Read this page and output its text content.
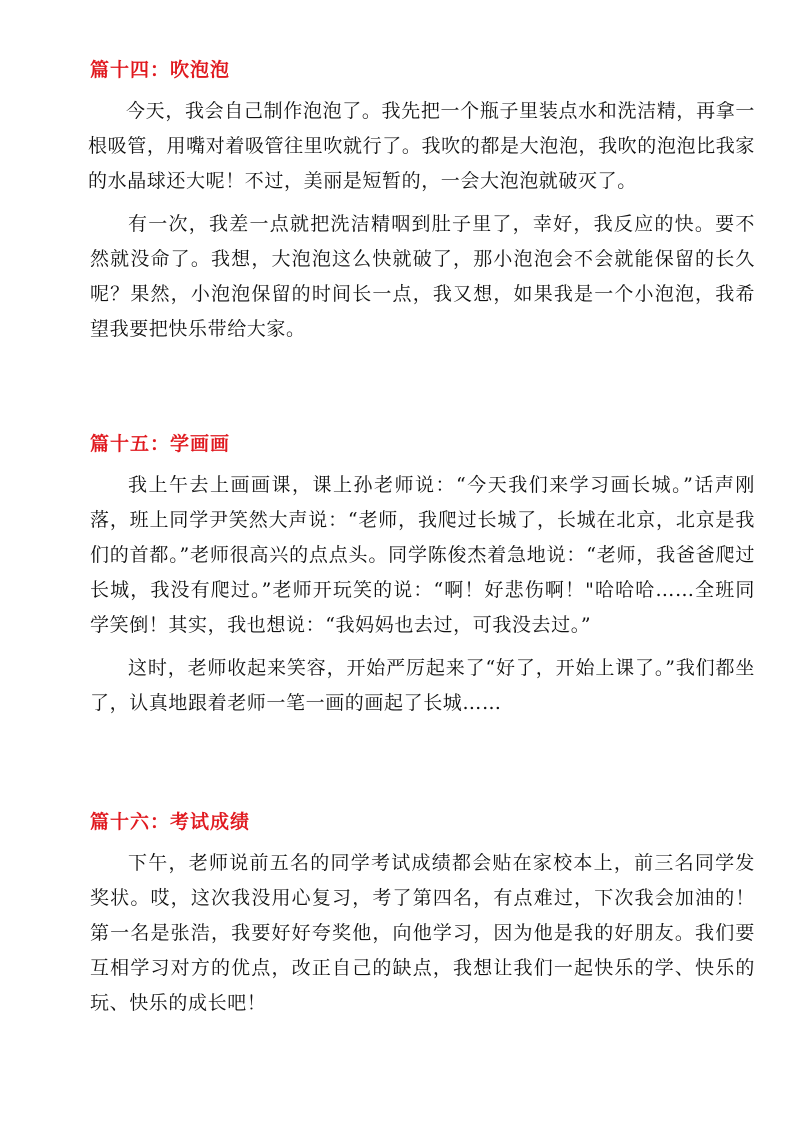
篇十四：吹泡泡

今天，我会自己制作泡泡了。我先把一个瓶子里装点水和洗洁精，再拿一根吸管，用嘴对着吸管往里吹就行了。我吹的都是大泡泡，我吹的泡泡比我家的水晶球还大呢！不过，美丽是短暂的，一会大泡泡就破灭了。

有一次，我差一点就把洗洁精咽到肚子里了，幸好，我反应的快。要不然就没命了。我想，大泡泡这么快就破了，那小泡泡会不会就能保留的长久呢？果然，小泡泡保留的时间长一点，我又想，如果我是一个小泡泡，我希望我要把快乐带给大家。

篇十五：学画画

我上午去上画画课，课上孙老师说：“今天我们来学习画长城。”话声刚落，班上同学尹笑然大声说：“老师，我爬过长城了，长城在北京，北京是我们的首都。”老师很高兴的点点头。同学陈俊杰着急地说：“老师，我爸爸爬过长城，我没有爬过。”老师开玩笑的说：“啊！好悲伤啊！"哈哈哈……全班同学笑倒！其实，我也想说：“我妈妈也去过，可我没去过。”

这时，老师收起来笑容，开始严厉起来了“好了，开始上课了。”我们都坐了，认真地跟着老师一笔一画的画起了长城……

篇十六：考试成绩

下午，老师说前五名的同学考试成绩都会贴在家校本上，前三名同学发奖状。哎，这次我没用心复习，考了第四名，有点难过，下次我会加油的！第一名是张浩，我要好好夸奖他，向他学习，因为他是我的好朋友。我们要互相学习对方的优点，改正自己的缺点，我想让我们一起快乐的学、快乐的玩、快乐的成长吧！
